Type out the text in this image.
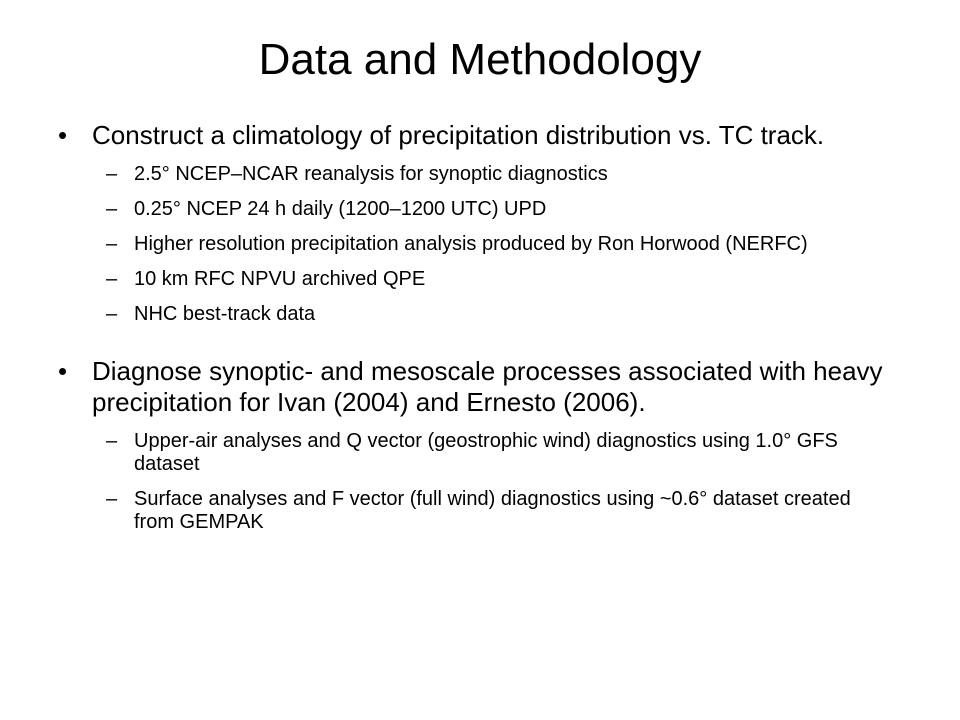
Data and Methodology
• Construct a climatology of precipitation distribution vs. TC track.
– 2.5° NCEP–NCAR reanalysis for synoptic diagnostics
– 0.25° NCEP 24 h daily (1200–1200 UTC) UPD
– Higher resolution precipitation analysis produced by Ron Horwood (NERFC)
– 10 km RFC NPVU archived QPE
– NHC best-track data
• Diagnose synoptic- and mesoscale processes associated with heavy precipitation for Ivan (2004) and Ernesto (2006).
– Upper-air analyses and Q vector (geostrophic wind) diagnostics using 1.0° GFS dataset
– Surface analyses and F vector (full wind) diagnostics using ~0.6° dataset created from GEMPAK
